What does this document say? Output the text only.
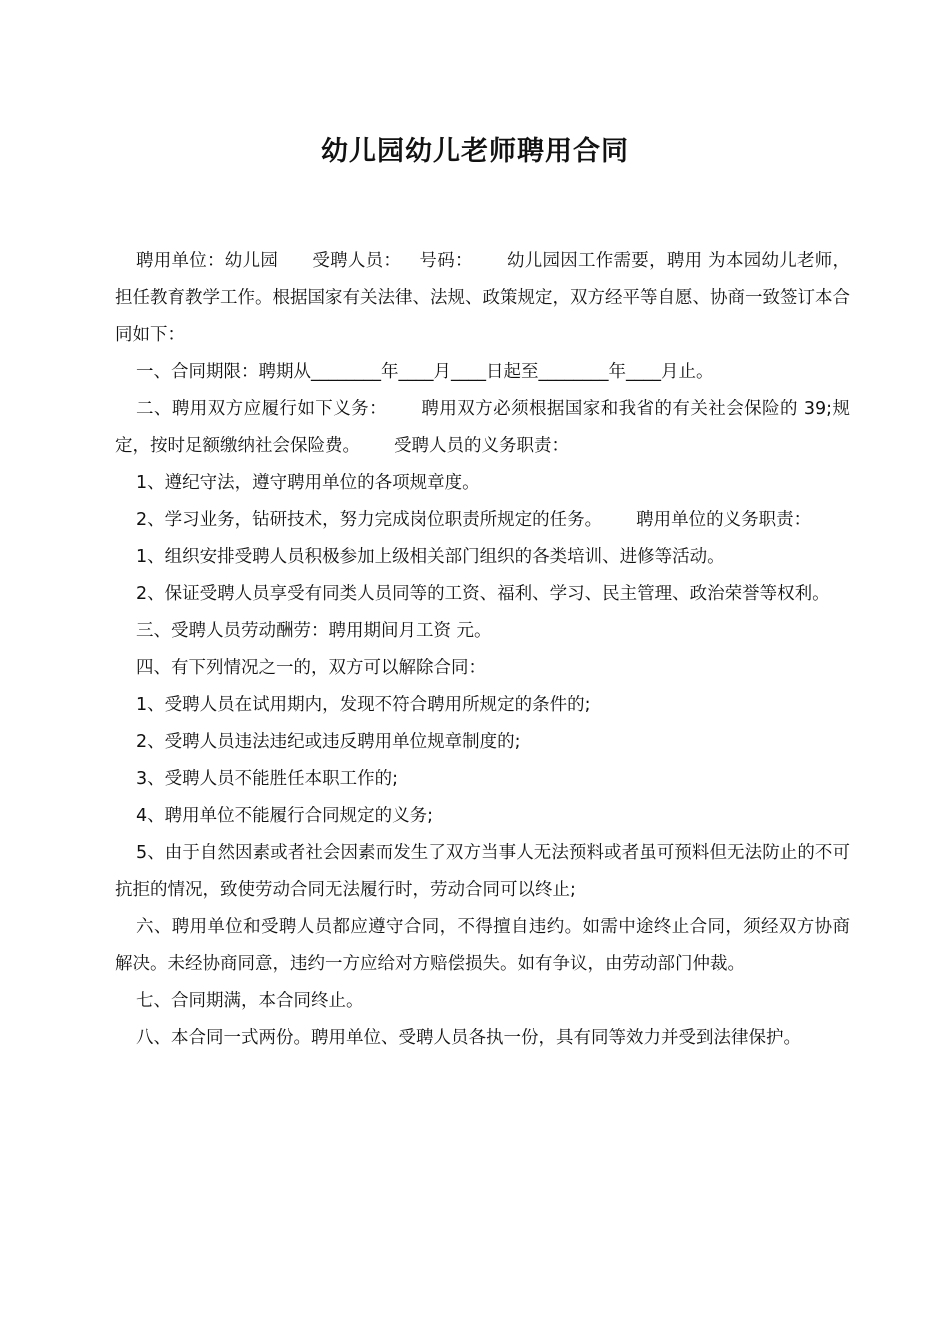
幼儿园幼儿老师聘用合同

聘用单位：幼儿园 受聘人员： 号码： 幼儿园因工作需要，聘用 为本园幼儿老师，担任教育教学工作。根据国家有关法律、法规、政策规定，双方经平等自愿、协商一致签订本合同如下：

一、合同期限：聘期从________年____月____日起至________年____月止。

二、聘用双方应履行如下义务： 聘用双方必须根据国家和我省的有关社会保险的 39;规定，按时足额缴纳社会保险费。 受聘人员的义务职责：

1、遵纪守法，遵守聘用单位的各项规章度。

2、学习业务，钻研技术，努力完成岗位职责所规定的任务。 聘用单位的义务职责：

1、组织安排受聘人员积极参加上级相关部门组织的各类培训、进修等活动。

2、保证受聘人员享受有同类人员同等的工资、福利、学习、民主管理、政治荣誉等权利。

三、受聘人员劳动酬劳：聘用期间月工资 元。

四、有下列情况之一的，双方可以解除合同：

1、受聘人员在试用期内，发现不符合聘用所规定的条件的;

2、受聘人员违法违纪或违反聘用单位规章制度的;

3、受聘人员不能胜任本职工作的;

4、聘用单位不能履行合同规定的义务;

5、由于自然因素或者社会因素而发生了双方当事人无法预料或者虽可预料但无法防止的不可抗拒的情况，致使劳动合同无法履行时，劳动合同可以终止;

六、聘用单位和受聘人员都应遵守合同，不得擅自违约。如需中途终止合同，须经双方协商解决。未经协商同意，违约一方应给对方赔偿损失。如有争议，由劳动部门仲裁。

七、合同期满，本合同终止。

八、本合同一式两份。聘用单位、受聘人员各执一份，具有同等效力并受到法律保护。
